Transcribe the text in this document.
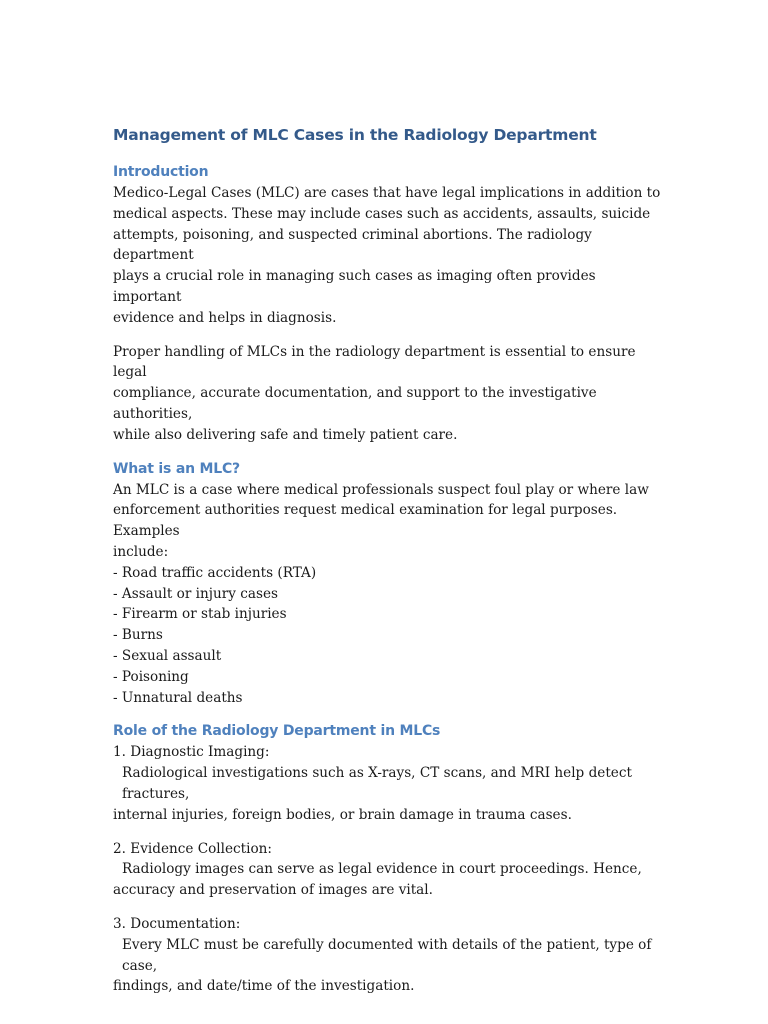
Management of MLC Cases in the Radiology Department
Introduction
Medico-Legal Cases (MLC) are cases that have legal implications in addition to
medical aspects. These may include cases such as accidents, assaults, suicide
attempts, poisoning, and suspected criminal abortions. The radiology department
plays a crucial role in managing such cases as imaging often provides important
evidence and helps in diagnosis.
Proper handling of MLCs in the radiology department is essential to ensure legal
compliance, accurate documentation, and support to the investigative authorities,
while also delivering safe and timely patient care.
What is an MLC?
An MLC is a case where medical professionals suspect foul play or where law
enforcement authorities request medical examination for legal purposes. Examples
include:
- Road traffic accidents (RTA)
- Assault or injury cases
- Firearm or stab injuries
- Burns
- Sexual assault
- Poisoning
- Unnatural deaths
Role of the Radiology Department in MLCs
1. Diagnostic Imaging:
Radiological investigations such as X-rays, CT scans, and MRI help detect fractures,
internal injuries, foreign bodies, or brain damage in trauma cases.
2. Evidence Collection:
Radiology images can serve as legal evidence in court proceedings. Hence,
accuracy and preservation of images are vital.
3. Documentation:
Every MLC must be carefully documented with details of the patient, type of case,
findings, and date/time of the investigation.
